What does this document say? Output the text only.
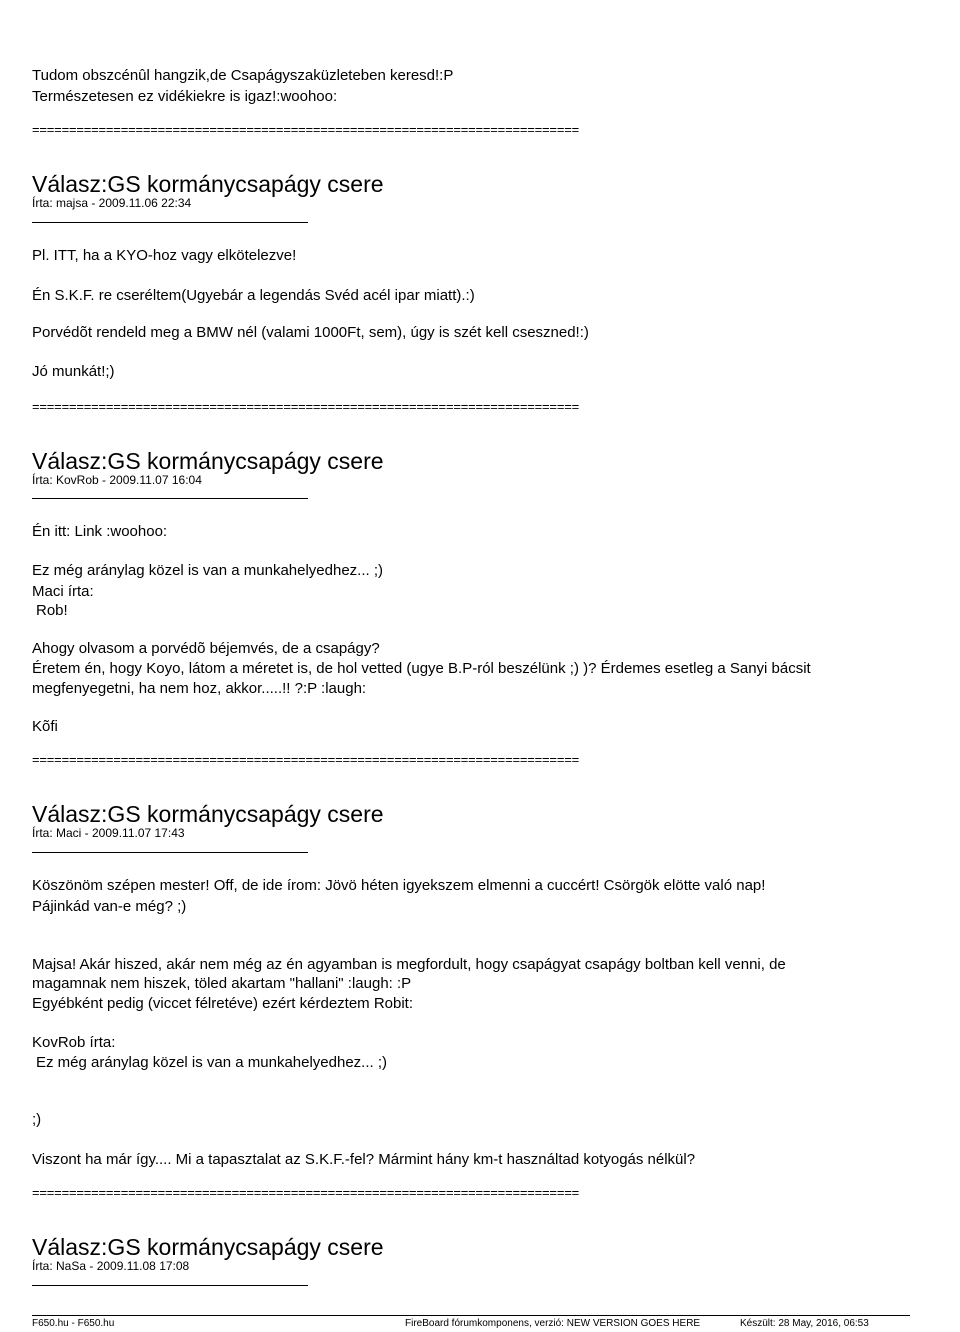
Tudom obszcénûl hangzik,de Csapágyszaküzleteben keresd!:P
Természetesen ez vidékiekre is igaz!:woohoo:
==========================================================================
Válasz:GS kormánycsapágy csere
Írta: majsa - 2009.11.06 22:34
Pl. ITT, ha a KYO-hoz vagy elkötelezve!
Én S.K.F. re cseréltem(Ugyebár a legendás Svéd acél ipar miatt).:)
Porvédõt rendeld meg a BMW nél (valami 1000Ft, sem), úgy is szét kell cseszned!:)
Jó munkát!;)
==========================================================================
Válasz:GS kormánycsapágy csere
Írta: KovRob - 2009.11.07 16:04
Én itt: Link :woohoo:
Ez még aránylag közel is van a munkahelyedhez... ;)
Maci írta:
Rob!
Ahogy olvasom a porvédõ béjemvés, de a csapágy?
Éretem én, hogy Koyo, látom a méretet is, de hol vetted (ugye B.P-ról beszélünk ;) )? Érdemes esetleg a Sanyi bácsit
megfenyegetni, ha nem hoz, akkor.....!! ?:P :laugh:
Kõfi
==========================================================================
Válasz:GS kormánycsapágy csere
Írta: Maci - 2009.11.07 17:43
Köszönöm szépen mester! Off, de ide írom: Jövö héten igyekszem elmenni a cuccért! Csörgök elötte való nap!
Pájinkád van-e még? ;)
Majsa! Akár hiszed, akár nem még az én agyamban is megfordult, hogy csapágyat csapágy boltban kell venni, de
magamnak nem hiszek, töled akartam "hallani" :laugh: :P
Egyébként pedig (viccet félretéve) ezért kérdeztem Robit:
KovRob írta:
Ez még aránylag közel is van a munkahelyedhez... ;)
;)
Viszont ha már így.... Mi a tapasztalat az S.K.F.-fel? Mármint hány km-t használtad kotyogás nélkül?
==========================================================================
Válasz:GS kormánycsapágy csere
Írta: NaSa - 2009.11.08 17:08
F650.hu - F650.hu	FireBoard fórumkomponens, verzió: NEW VERSION GOES HERE	Készült: 28 May, 2016, 06:53
